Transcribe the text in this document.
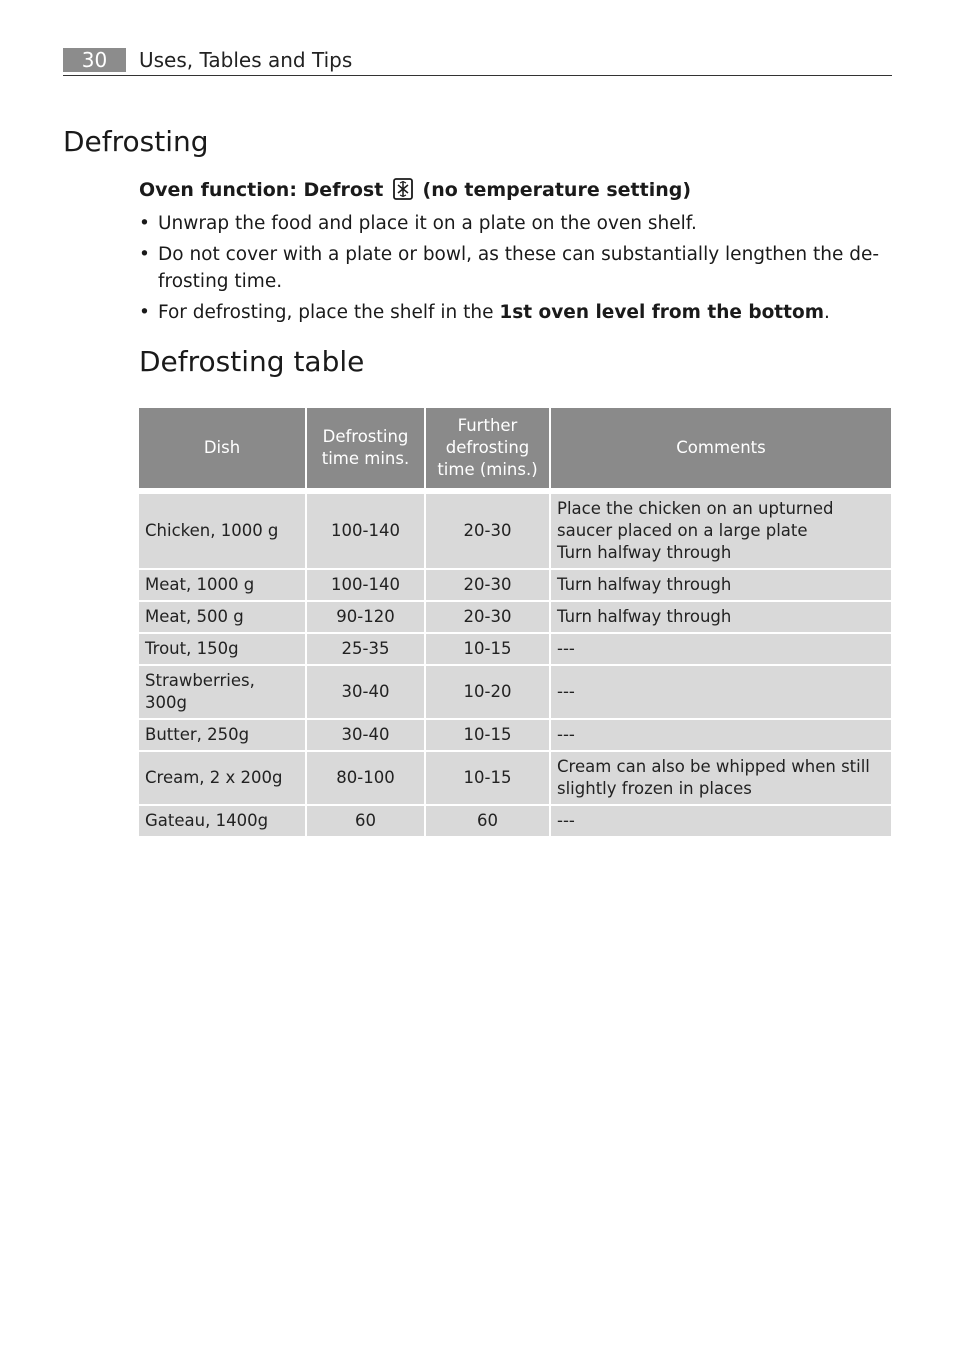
30	Uses, Tables and Tips
Defrosting
Oven function: Defrost (no temperature setting)
• Unwrap the food and place it on a plate on the oven shelf.
• Do not cover with a plate or bowl, as these can substantially lengthen the de-frosting time.
• For defrosting, place the shelf in the 1st oven level from the bottom.
Defrosting table
Dish	Defrosting time mins.	Further defrosting time (mins.)	Comments
Chicken, 1000 g	100-140	20-30	Place the chicken on an upturned saucer placed on a large plate
Turn halfway through

Meat, 1000 g	100-140	20-30	Turn halfway through

Meat, 500 g	90-120	20-30	Turn halfway through

Trout, 150g	25-35	10-15	---

Strawberries, 300g	30-40	10-20	---

Butter, 250g	30-40	10-15	---

Cream, 2 x 200g	80-100	10-15	Cream can also be whipped when still slightly frozen in places

Gateau, 1400g	60	60	---
